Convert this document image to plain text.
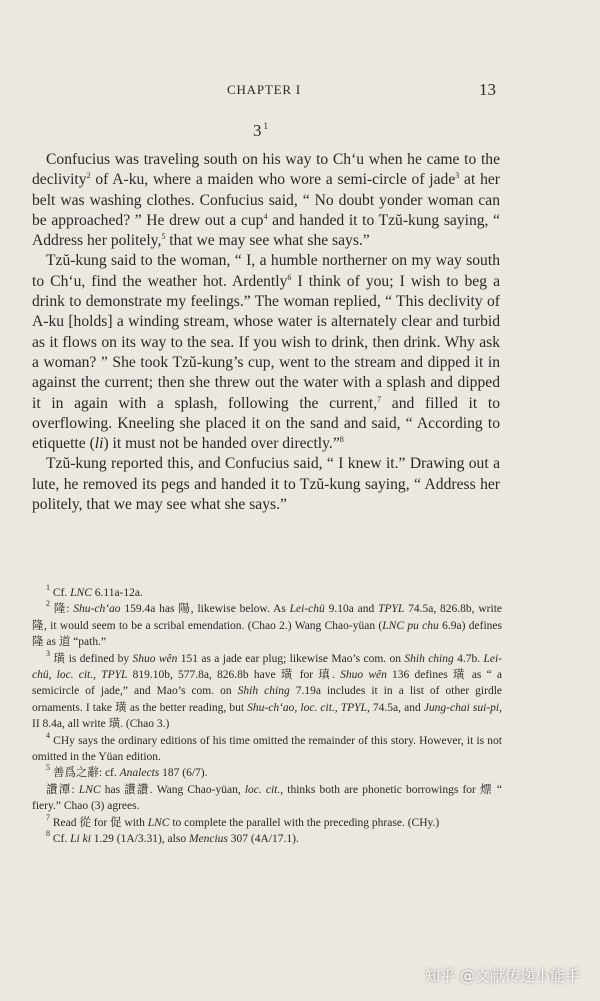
CHAPTER I	13
3 $^1$

Confucius was traveling south on his way to Ch‘u when he came to the declivity$^2$ of A-ku, where a maiden who wore a semi-circle of jade$^3$ at her belt was washing clothes. Confucius said, “ No doubt yonder woman can be approached? ” He drew out a cup$^4$ and handed it to Tzŭ-kung saying, “ Address her politely,$^5$ that we may see what she says.”

Tzŭ-kung said to the woman, “ I, a humble northerner on my way south to Ch‘u, find the weather hot. Ardently$^6$ I think of you; I wish to beg a drink to demonstrate my feelings.” The woman replied, “ This declivity of A-ku [holds] a winding stream, whose water is alternately clear and turbid as it flows on its way to the sea. If you wish to drink, then drink. Why ask a woman? ” She took Tzŭ-kung’s cup, went to the stream and dipped it in against the current; then she threw out the water with a splash and dipped it in again with a splash, following the current,$^7$ and filled it to overflowing. Kneeling she placed it on the sand and said, “ According to etiquette (li) it must not be handed over directly.”$^8$

Tzŭ-kung reported this, and Confucius said, “ I knew it.” Drawing out a lute, he removed its pegs and handed it to Tzŭ-kung saying, “ Address her politely, that we may see what she says.”

$^1$ Cf. LNC 6.11a-12a.

$^2$ 隆: Shu-ch‘ao 159.4a has 陽, likewise below. As Lei-chü 9.10a and TPYL 74.5a, 826.8b, write 隆, it would seem to be a scribal emendation. (Chao 2.) Wang Chao-yüan (LNC pu chu 6.9a) defines 隆 as 道 “path.”

$^3$ 璜 is defined by Shuo wên 151 as a jade ear plug; likewise Mao’s com. on Shih ching 4.7b. Lei-chü, loc. cit., TPYL 819.10b, 577.8a, 826.8b have 璜 for 瑱. Shuo wên 136 defines 璜 as “ a semicircle of jade,” and Mao’s com. on Shih ching 7.19a includes it in a list of other girdle ornaments. I take 璜 as the better reading, but Shu-ch‘ao, loc. cit., TPYL, 74.5a, and Jung-chai sui-pi, II 8.4a, all write 璜. (Chao 3.)

$^4$ CHy says the ordinary editions of his time omitted the remainder of this story. However, it is not omitted in the Yüan edition.

$^5$ 善爲之辭: cf. Analects 187 (6/7).

讚潭: LNC has 讚讚. Wang Chao-yüan, loc. cit., thinks both are phonetic borrowings for 熛 “ fiery.” Chao (3) agrees.

$^7$ Read 從 for 促 with LNC to complete the parallel with the preceding phrase. (CHy.)

$^8$ Cf. Li ki 1.29 (1A/3.31), also Mencius 307 (4A/17.1).

知乎 @文献传递小能手
